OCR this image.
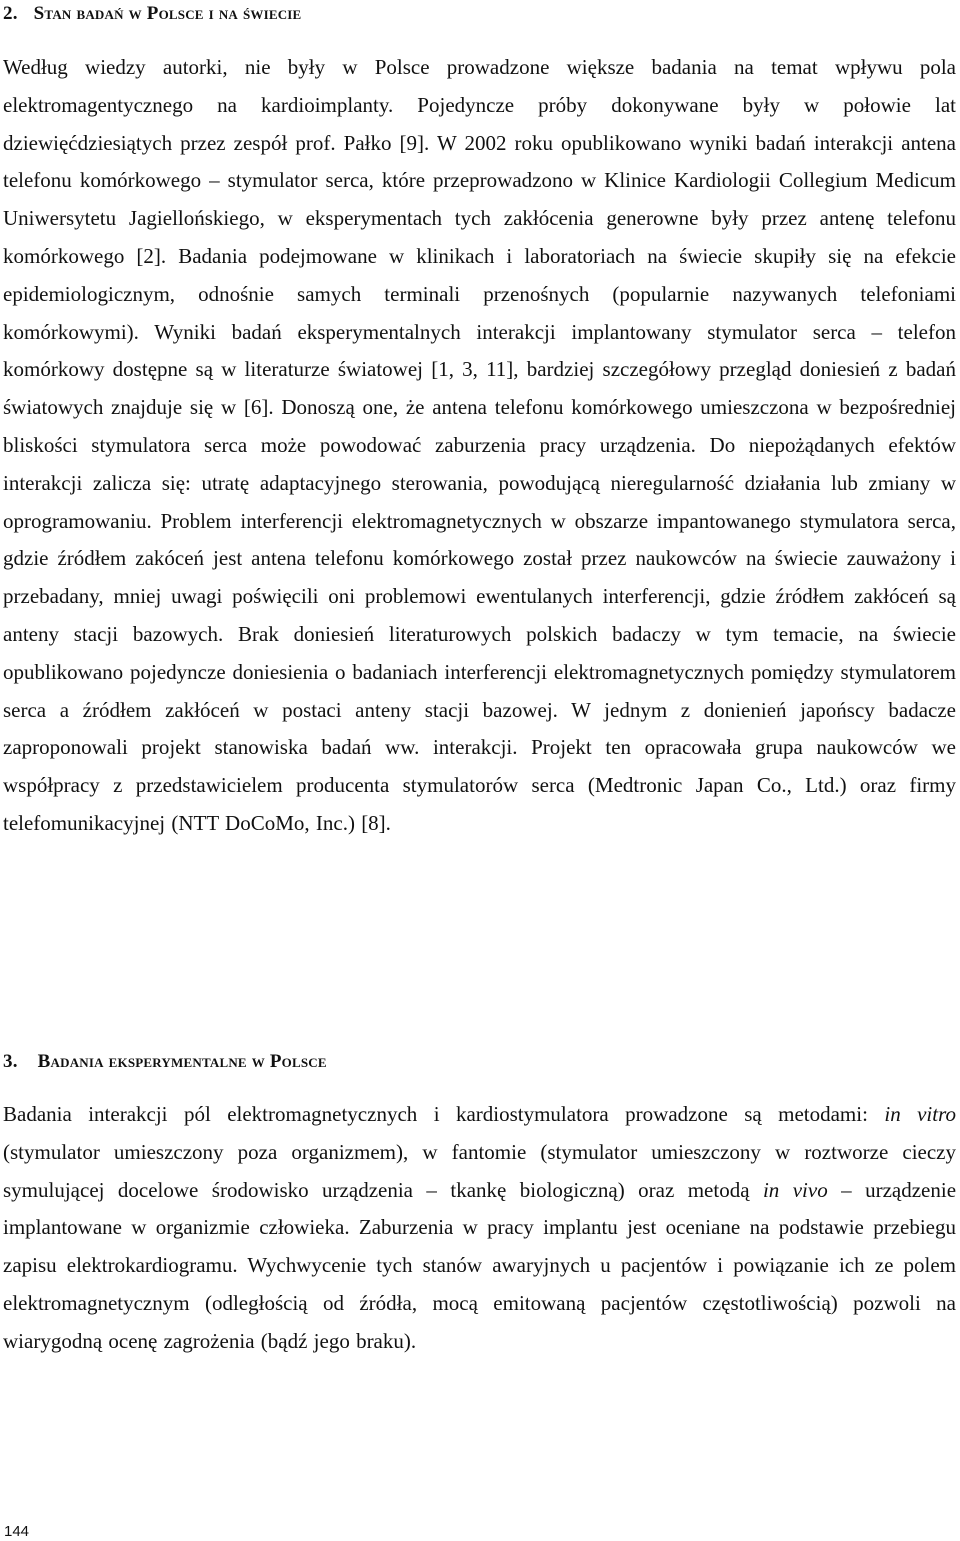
2. Stan badań w Polsce i na świecie

Według wiedzy autorki, nie były w Polsce prowadzone większe badania na temat wpływu pola elektromagentycznego na kardioimplanty. Pojedyncze próby dokonywane były w połowie lat dziewięćdziesiątych przez zespół prof. Pałko [9]. W 2002 roku opublikowano wyniki badań interakcji antena telefonu komórkowego – stymulator serca, które przeprowadzono w Klinice Kardiologii Collegium Medicum Uniwersytetu Jagiellońskiego, w eksperymentach tych zakłócenia generowne były przez antenę telefonu komórkowego [2]. Badania podejmowane w klinikach i laboratoriach na świecie skupiły się na efekcie epidemiologicznym, odnośnie samych terminali przenośnych (popularnie nazywanych telefoniami komórkowymi). Wyniki badań eksperymentalnych interakcji implantowany stymulator serca – telefon komórkowy dostępne są w literaturze światowej [1, 3, 11], bardziej szczegółowy przegląd doniesień z badań światowych znajduje się w [6]. Donoszą one, że antena telefonu komórkowego umieszczona w bezpośredniej bliskości stymulatora serca może powodować zaburzenia pracy urządzenia. Do niepożądanych efektów interakcji zalicza się: utratę adaptacyjnego sterowania, powodującą nieregularność działania lub zmiany w oprogramowaniu. Problem interferencji elektromagnetycznych w obszarze impantowanego stymulatora serca, gdzie źródłem zakóceń jest antena telefonu komórkowego został przez naukowców na świecie zauważony i przebadany, mniej uwagi poświęcili oni problemowi ewentulanych interferencji, gdzie źródłem zakłóceń są anteny stacji bazowych. Brak doniesień literaturowych polskich badaczy w tym temacie, na świecie opublikowano pojedyncze doniesienia o badaniach interferencji elektromagnetycznych pomiędzy stymulatorem serca a źródłem zakłóceń w postaci anteny stacji bazowej. W jednym z donienień japońscy badacze zaproponowali projekt stanowiska badań ww. interakcji. Projekt ten opracowała grupa naukowców we współpracy z przedstawicielem producenta stymulatorów serca (Medtronic Japan Co., Ltd.) oraz firmy telefomunikacyjnej (NTT DoCoMo, Inc.) [8].

3. Badania eksperymentalne w Polsce

Badania interakcji pól elektromagnetycznych i kardiostymulatora prowadzone są metodami: in vitro (stymulator umieszczony poza organizmem), w fantomie (stymulator umieszczony w roztworze cieczy symulującej docelowe środowisko urządzenia – tkankę biologiczną) oraz metodą in vivo – urządzenie implantowane w organizmie człowieka. Zaburzenia w pracy implantu jest oceniane na podstawie przebiegu zapisu elektrokardiogramu. Wychwycenie tych stanów awaryjnych u pacjentów i powiązanie ich ze polem elektromagnetycznym (odległością od źródła, mocą emitowaną pacjentów częstotliwością) pozwoli na wiarygodną ocenę zagrożenia (bądź jego braku).

144
